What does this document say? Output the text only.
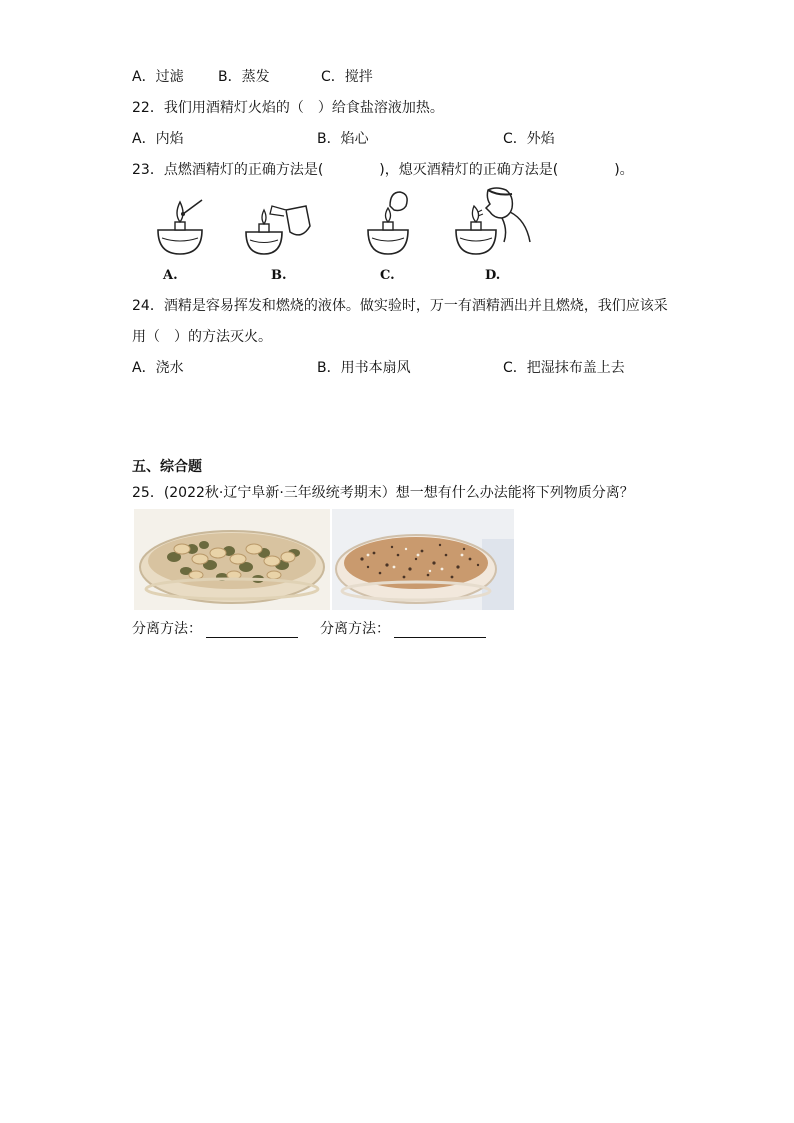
A．过滤 B．蒸发	C．搅拌
22．我们用酒精灯火焰的（　）给食盐溶液加热。
A．内焰	B．焰心	C．外焰
23．点燃酒精灯的正确方法是(　　　　)，熄灭酒精灯的正确方法是(　　　　)。
A.	B.	C.	D.
24．酒精是容易挥发和燃烧的液体。做实验时，万一有酒精洒出并且燃烧，我们应该采
用（　）的方法灭火。
A．浇水	B．用书本扇风	C．把湿抹布盖上去
五、综合题
25．(2022秋·辽宁阜新·三年级统考期末）想一想有什么办法能将下列物质分离？
分离方法：	分离方法：
